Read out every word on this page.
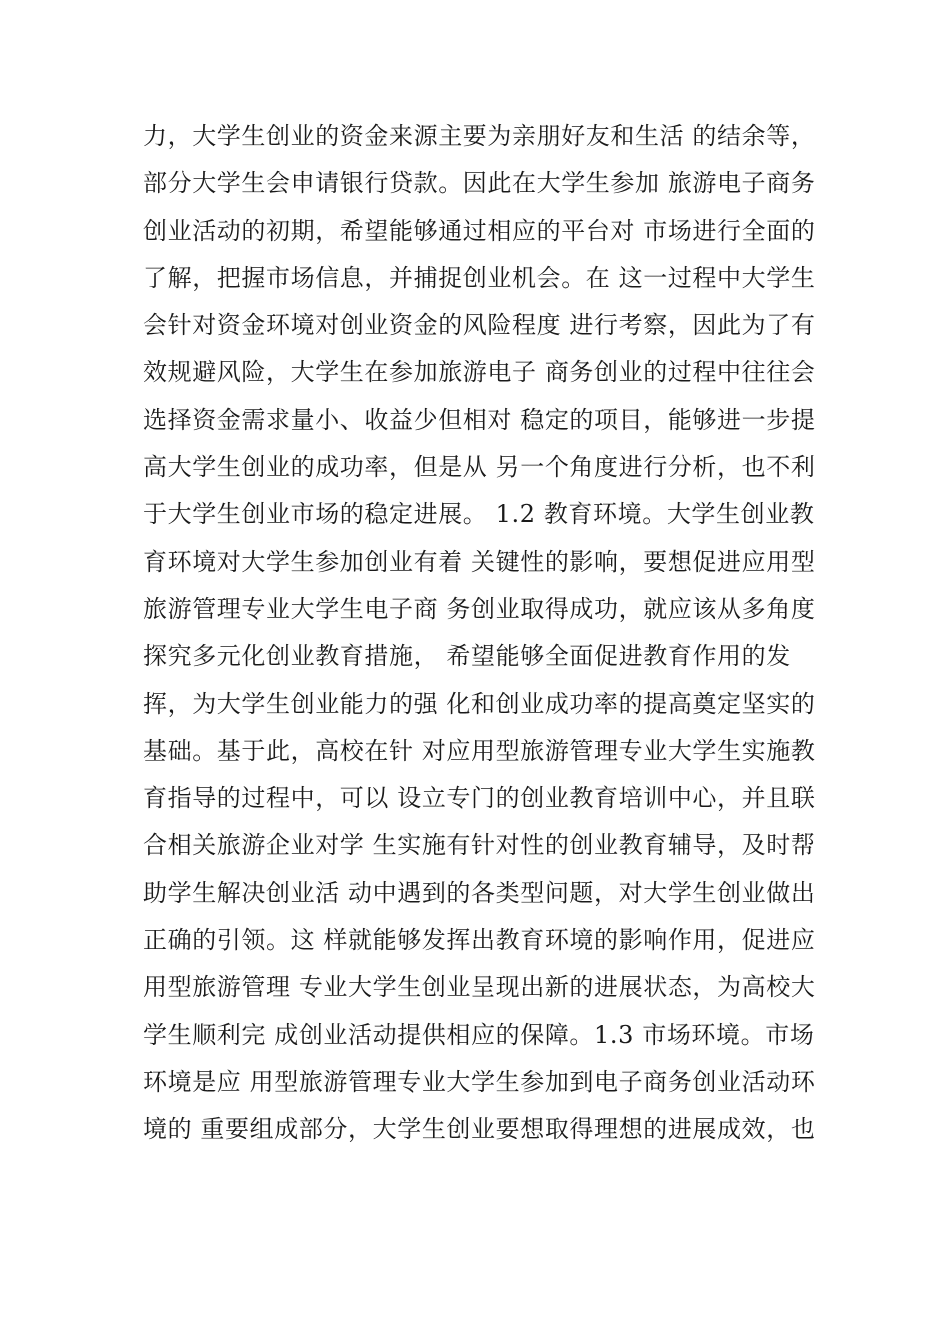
力，大学生创业的资金来源主要为亲朋好友和生活 的结余等，
部分大学生会申请银行贷款。因此在大学生参加 旅游电子商务
创业活动的初期，希望能够通过相应的平台对 市场进行全面的
了解，把握市场信息，并捕捉创业机会。在 这一过程中大学生
会针对资金环境对创业资金的风险程度 进行考察，因此为了有
效规避风险，大学生在参加旅游电子 商务创业的过程中往往会
选择资金需求量小、收益少但相对 稳定的项目，能够进一步提
高大学生创业的成功率，但是从 另一个角度进行分析，也不利
于大学生创业市场的稳定进展。 1.2 教育环境。大学生创业教
育环境对大学生参加创业有着 关键性的影响，要想促进应用型
旅游管理专业大学生电子商 务创业取得成功，就应该从多角度
探究多元化创业教育措施， 希望能够全面促进教育作用的发
挥，为大学生创业能力的强 化和创业成功率的提高奠定坚实的
基础。基于此，高校在针 对应用型旅游管理专业大学生实施教
育指导的过程中，可以 设立专门的创业教育培训中心，并且联
合相关旅游企业对学 生实施有针对性的创业教育辅导，及时帮
助学生解决创业活 动中遇到的各类型问题，对大学生创业做出
正确的引领。这 样就能够发挥出教育环境的影响作用，促进应
用型旅游管理 专业大学生创业呈现出新的进展状态，为高校大
学生顺利完 成创业活动提供相应的保障。1.3 市场环境。市场
环境是应 用型旅游管理专业大学生参加到电子商务创业活动环
境的 重要组成部分，大学生创业要想取得理想的进展成效，也
